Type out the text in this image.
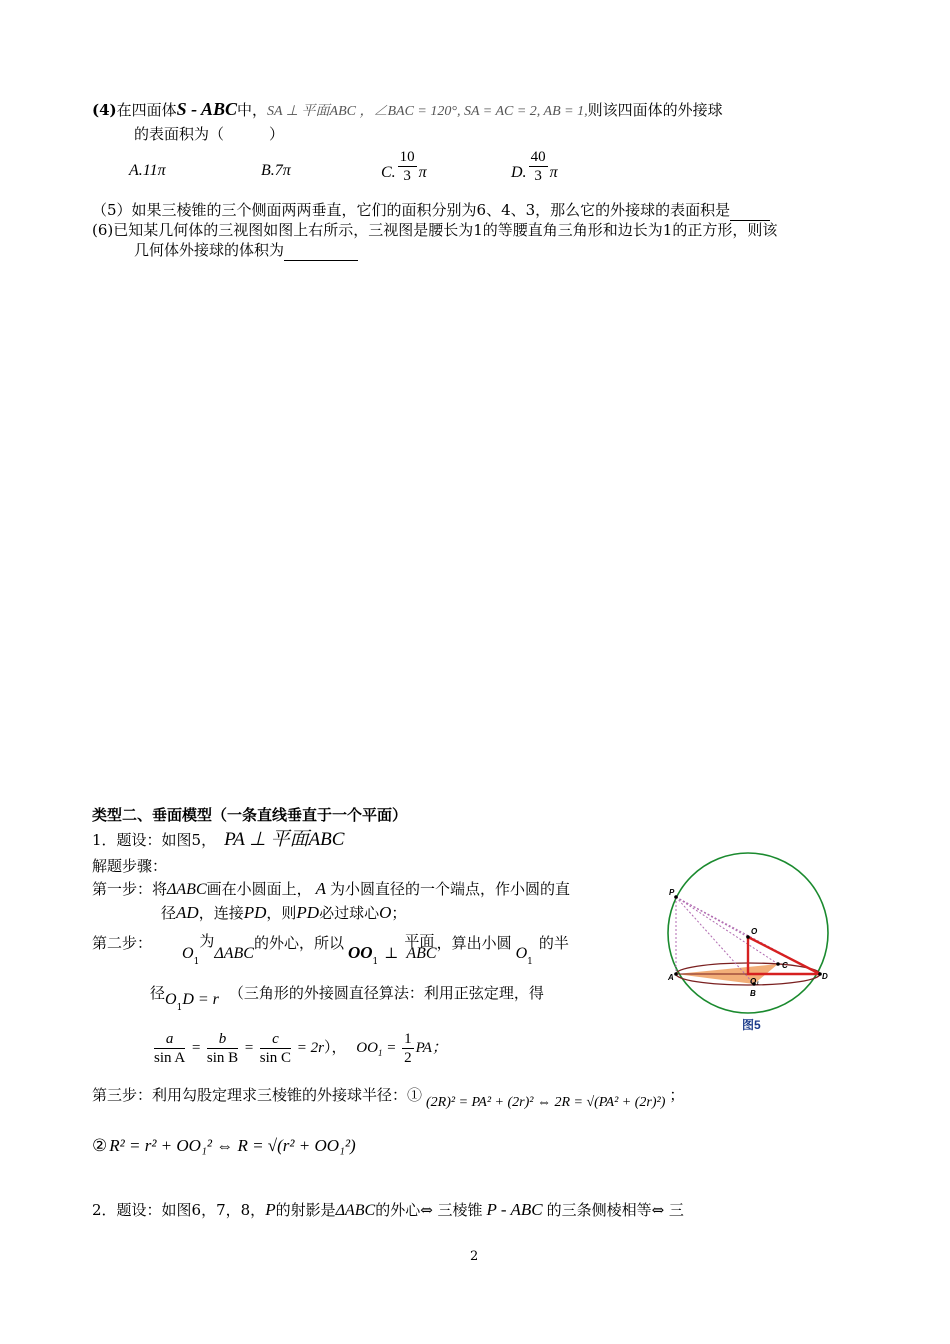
(4)在四面体S - ABC中，SA ⊥ 平面ABC ，∠BAC = 120°, SA = AC = 2, AB = 1,则该四面体的外接球
的表面积为（　　　）
A.11π	B.7π	C. $\frac{10}{3}$ π	D. $\frac{40}{3}$ π
（5）如果三棱锥的三个侧面两两垂直，它们的面积分别为6、4、3，那么它的外接球的表面积是
(6)已知某几何体的三视图如图上右所示，三视图是腰长为1的等腰直角三角形和边长为1的正方形，则该
几何体外接球的体积为
类型二、垂面模型（一条直线垂直于一个平面）
1．题设：如图5， PA ⊥ 平面ABC
解题步骤：
第一步：将ΔABC画在小圆面上， A 为小圆直径的一个端点，作小圆的直
径AD，连接PD，则PD必过球心O；
第二步：$O_1$为ΔABC的外心，所以 $OO_1$ ⊥平面ABC，算出小圆$O_1$的半
径$O_1D = r$ （三角形的外接圆直径算法：利用正弦定理，得
$\frac{a}{\text{sin A}} = \frac{b}{\text{sin B}} = \frac{c}{\text{sin C}} = 2r$）， $OO_1 = \frac{1}{2}$ PA；
第三步：利用勾股定理求三棱锥的外接球半径：① (2R)² = PA² + (2r)² ⇔ 2R = √(PA² + (2r)²) ；
② R² = r² + OO₁² ⇔ R = √(r² + OO₁²)
2．题设：如图6，7，8，P的射影是ΔABC的外心⇔ 三棱锥 P - ABC 的三条侧棱相等⇔ 三
P
O
C
A	O₁
D
B
图5
2
